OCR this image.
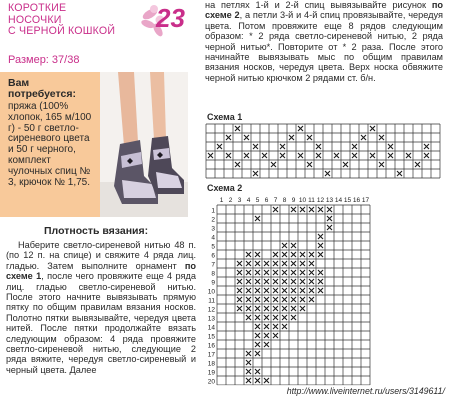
КОРОТКИЕ
НОСОЧКИ
С ЧЕРНОЙ КОШКОЙ
Размер: 37/38
23
Вам потребуется:
пряжа (100% хлопок, 165 м/100 г) - 50 г светло-сиреневого цвета и 50 г черного, комплект чулочных спиц № 3, крючок № 1,75.
Плотность вязания:

Наберите светло-сиреневой нитью 48 п. (по 12 п. на спице) и свяжите 4 ряда лиц. гладью. Затем выполните орнамент по схеме 1, после чего провяжите еще 4 ряда лиц. гладью светло-сиреневой нитью. После этого начните вывязывать прямую пятку по общим правилам вязания носков. Полотно пятки вывязывайте, чередуя цвета нитей. После пятки продолжайте вязать следующим образом: 4 ряда провяжите светло-сиреневой нитью, следующие 2 ряда вяжите, чередуя светло-сиреневый и черный цвета. Далее

на петлях 1-й и 2-й спиц вывязывайте рисунок по схеме 2, а петли 3-й и 4-й спиц провязывайте, чередуя цвета. Потом провяжите еще 8 рядов следующим образом: * 2 ряда светло-сиреневой нитью, 2 ряда черной нитью*. Повторите от * 2 раза. После этого начинайте вывязывать мыс по общим правилам вязания носков, чередуя цвета. Верх носка обвяжите черной нитью крючком 2 рядами ст. б/н.

Схема 1
Схема 2
1 2 3 4 5 6 7 8 9 10 11 12 13 14 15 16 17
1
2
3
4
5
6
7
8
9
10
11
12
13
14
15
16
17
18
19
20
http://www.liveinternet.ru/users/3149611/
